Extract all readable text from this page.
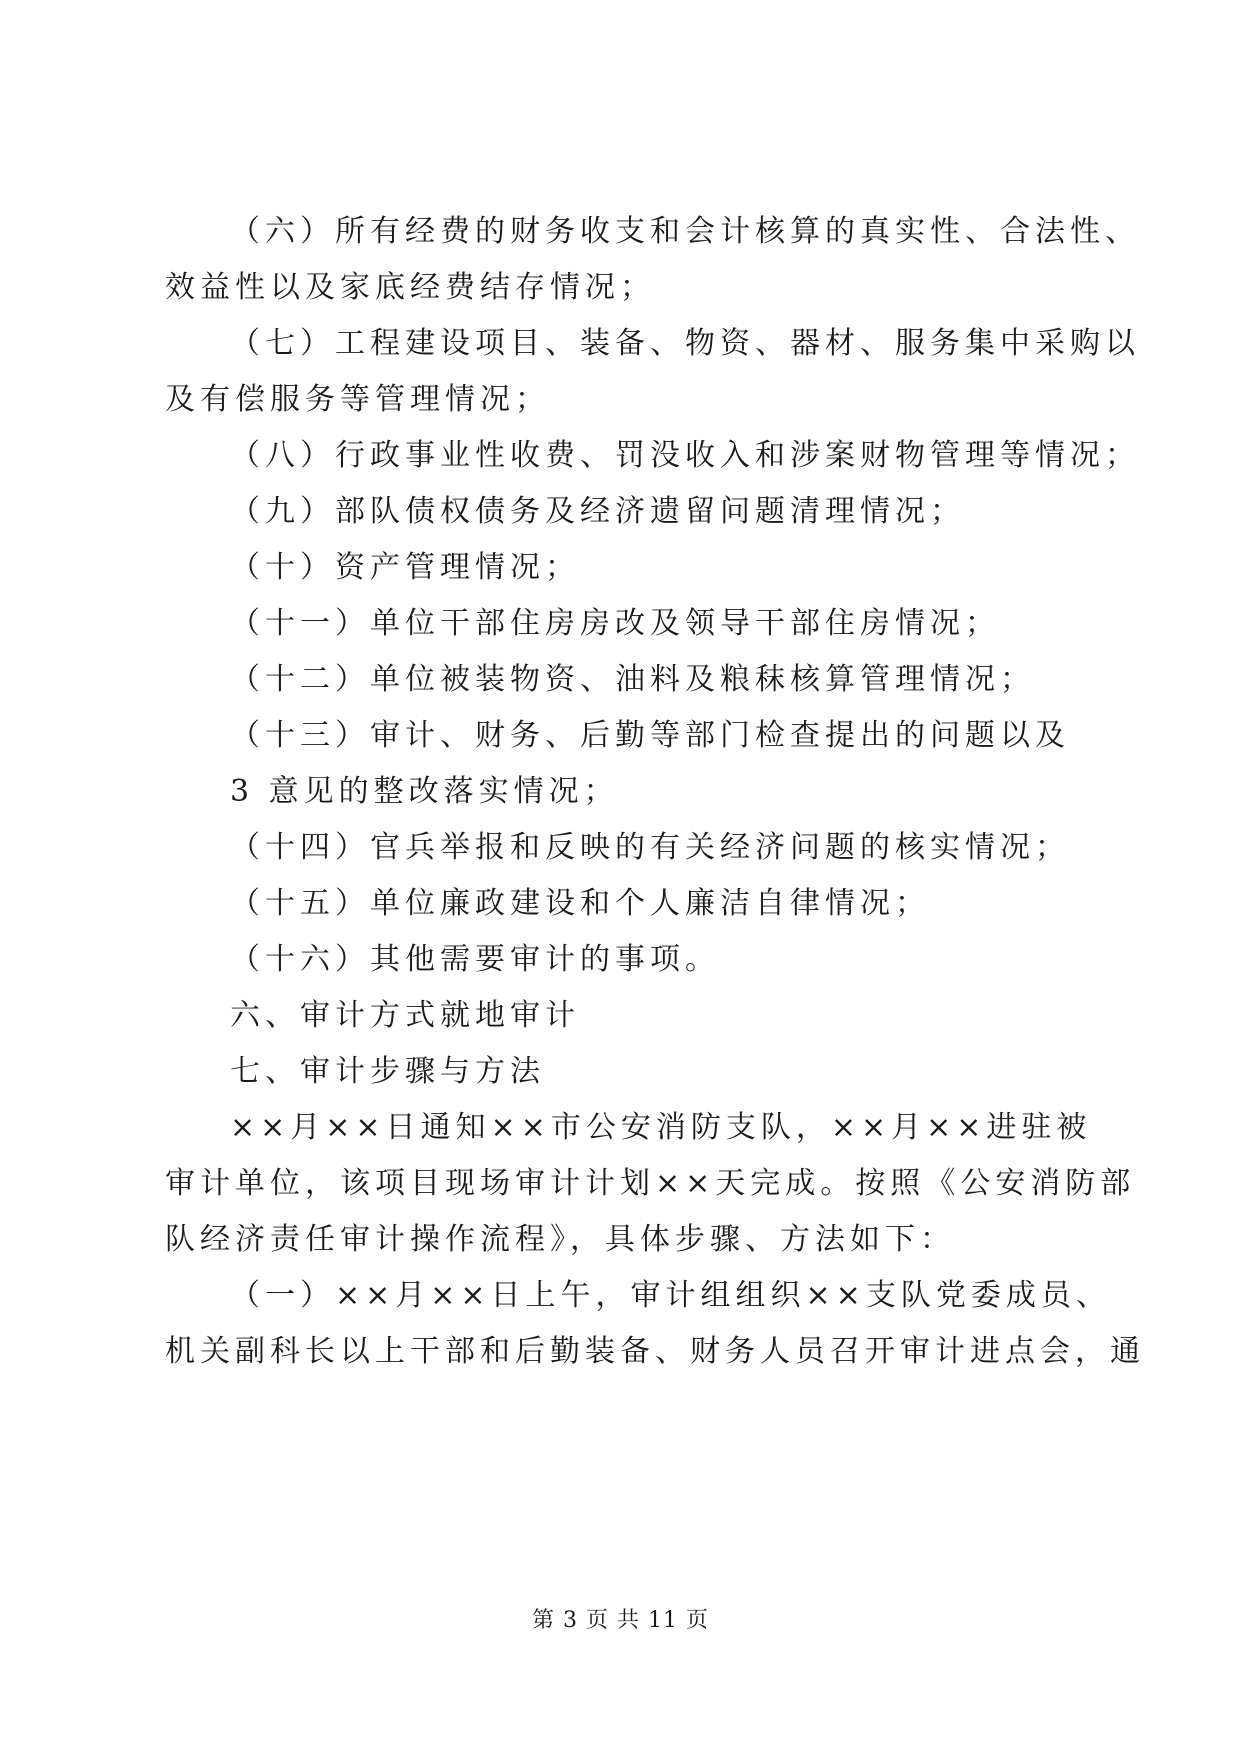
（六）所有经费的财务收支和会计核算的真实性、合法性、
效益性以及家底经费结存情况；
（七）工程建设项目、装备、物资、器材、服务集中采购以
及有偿服务等管理情况；
（八）行政事业性收费、罚没收入和涉案财物管理等情况；
（九）部队债权债务及经济遗留问题清理情况；
（十）资产管理情况；
（十一）单位干部住房房改及领导干部住房情况；
（十二）单位被装物资、油料及粮秣核算管理情况；
（十三）审计、财务、后勤等部门检查提出的问题以及
3 意见的整改落实情况；
（十四）官兵举报和反映的有关经济问题的核实情况；
（十五）单位廉政建设和个人廉洁自律情况；
（十六）其他需要审计的事项。
六、审计方式就地审计
七、审计步骤与方法
××月××日通知××市公安消防支队，××月××进驻被
审计单位，该项目现场审计计划××天完成。按照《公安消防部
队经济责任审计操作流程》，具体步骤、方法如下：
（一）××月××日上午，审计组组织××支队党委成员、
机关副科长以上干部和后勤装备、财务人员召开审计进点会，通
第 3 页 共 11 页
